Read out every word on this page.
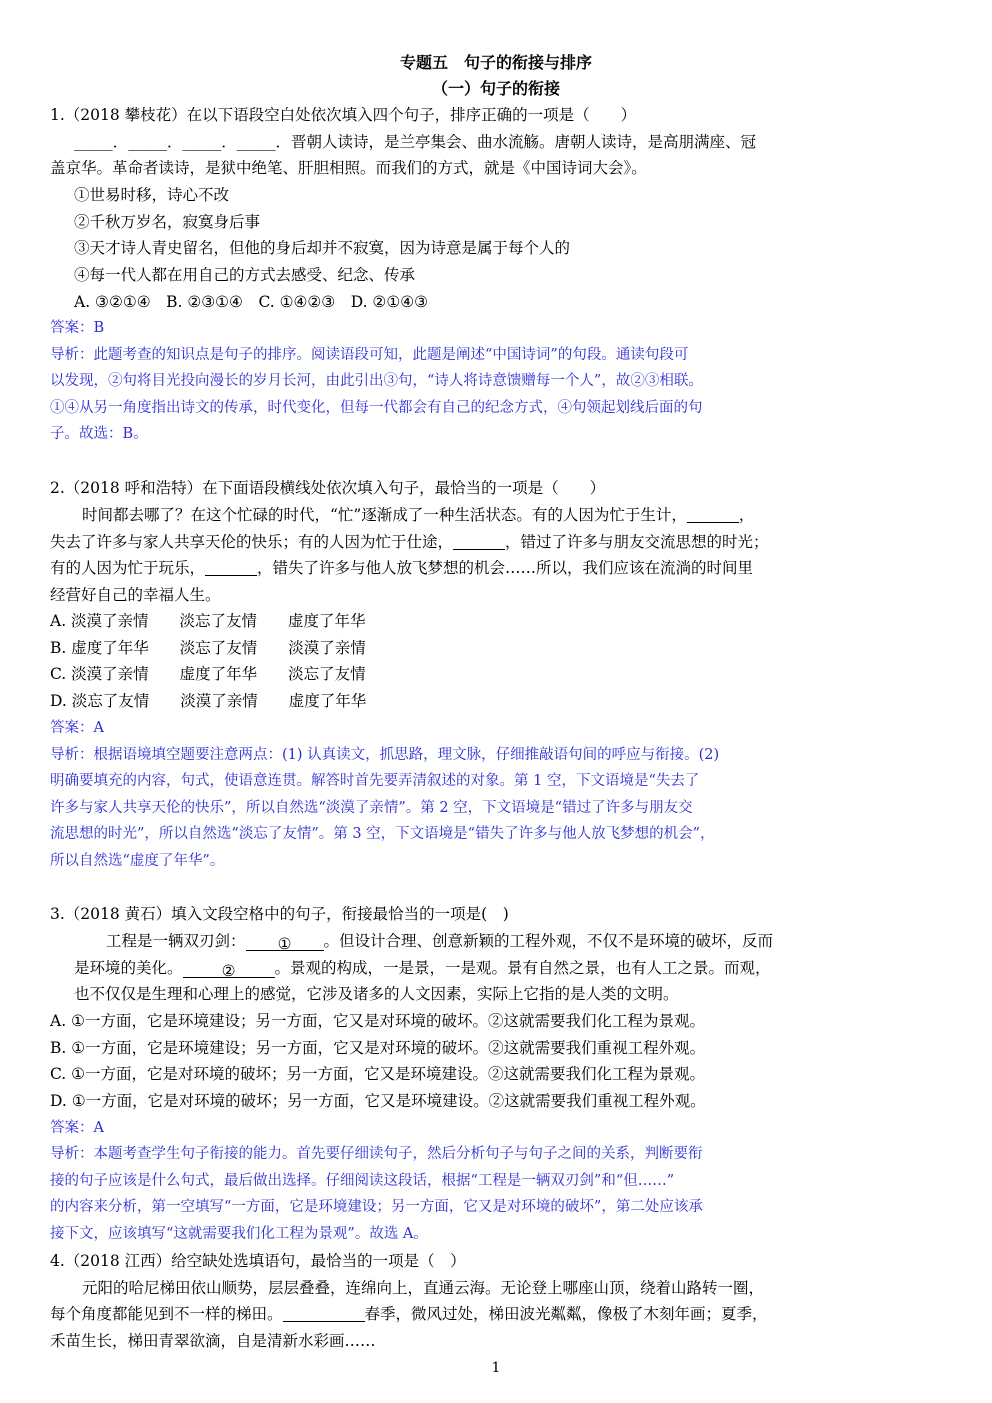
专题五　句子的衔接与排序
（一）句子的衔接
1.（2018 攀枝花）在以下语段空白处依次填入四个句子，排序正确的一项是（　　）
_____．_____．_____．_____．晋朝人读诗，是兰亭集会、曲水流觞。唐朝人读诗，是高朋满座、冠
盖京华。革命者读诗，是狱中绝笔、肝胆相照。而我们的方式，就是《中国诗词大会》。
①世易时移，诗心不改
②千秋万岁名，寂寞身后事
③天才诗人青史留名，但他的身后却并不寂寞，因为诗意是属于每个人的
④每一代人都在用自己的方式去感受、纪念、传承
A. ③②①④　B. ②③①④　C. ①④②③　D. ②①④③
答案：B
导析：此题考查的知识点是句子的排序。阅读语段可知，此题是阐述“中国诗词”的句段。通读句段可
以发现，②句将目光投向漫长的岁月长河，由此引出③句，“诗人将诗意馈赠每一个人”，故②③相联。
①④从另一角度指出诗文的传承，时代变化，但每一代都会有自己的纪念方式，④句领起划线后面的句
子。故选：B。
2.（2018 呼和浩特）在下面语段横线处依次填入句子，最恰当的一项是（　　）
时间都去哪了？在这个忙碌的时代，“忙”逐渐成了一种生活状态。有的人因为忙于生计，	，
失去了许多与家人共享天伦的快乐；有的人因为忙于仕途，	，错过了许多与朋友交流思想的时光；
有的人因为忙于玩乐，	，错失了许多与他人放飞梦想的机会……所以，我们应该在流淌的时间里
经营好自己的幸福人生。
A. 淡漠了亲情　　淡忘了友情　　虚度了年华
B. 虚度了年华　　淡忘了友情　　淡漠了亲情
C. 淡漠了亲情　　虚度了年华　　淡忘了友情
D. 淡忘了友情　　淡漠了亲情　　虚度了年华
答案：A
导析：根据语境填空题要注意两点：(1) 认真读文，抓思路，理文脉，仔细推敲语句间的呼应与衔接。(2)
明确要填充的内容，句式，使语意连贯。解答时首先要弄清叙述的对象。第 1 空，下文语境是“失去了
许多与家人共享天伦的快乐”，所以自然选“淡漠了亲情”。第 2 空，下文语境是“错过了许多与朋友交
流思想的时光”，所以自然选“淡忘了友情”。第 3 空，下文语境是“错失了许多与他人放飞梦想的机会”，
所以自然选“虚度了年华”。
3.（2018 黄石）填入文段空格中的句子，衔接最恰当的一项是(　)
工程是一辆双刃剑： ① 。但设计合理、创意新颖的工程外观，不仅不是环境的破坏，反而
是环境的美化。	②	。景观的构成，一是景，一是观。景有自然之景，也有人工之景。而观，
也不仅仅是生理和心理上的感觉，它涉及诸多的人文因素，实际上它指的是人类的文明。
A. ①一方面，它是环境建设；另一方面，它又是对环境的破坏。②这就需要我们化工程为景观。
B. ①一方面，它是环境建设；另一方面，它又是对环境的破坏。②这就需要我们重视工程外观。
C. ①一方面，它是对环境的破坏；另一方面，它又是环境建设。②这就需要我们化工程为景观。
D. ①一方面，它是对环境的破坏；另一方面，它又是环境建设。②这就需要我们重视工程外观。
答案：A
导析：本题考查学生句子衔接的能力。首先要仔细读句子，然后分析句子与句子之间的关系，判断要衔
接的句子应该是什么句式，最后做出选择。仔细阅读这段话，根据“工程是一辆双刃剑”和“但……”
的内容来分析，第一空填写“一方面，它是环境建设；另一方面，它又是对环境的破坏”，第二处应该承
接下文，应该填写“这就需要我们化工程为景观”。故选 A。
4.（2018 江西）给空缺处选填语句，最恰当的一项是（　）
元阳的哈尼梯田依山顺势，层层叠叠，连绵向上，直通云海。无论登上哪座山顶，绕着山路转一圈，
每个角度都能见到不一样的梯田。	春季，微风过处，梯田波光粼粼，像极了木刻年画；夏季，
禾苗生长，梯田青翠欲滴，自是清新水彩画……
1
